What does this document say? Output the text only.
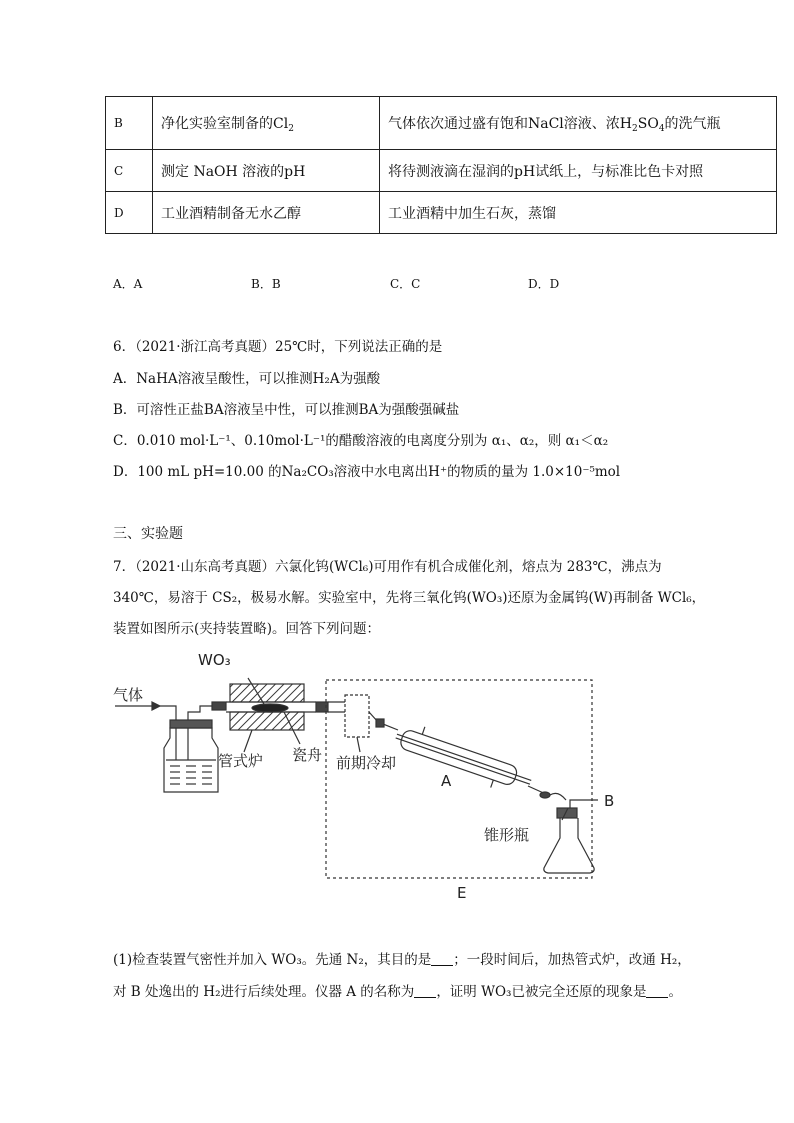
B	净化实验室制备的$Cl_2$	气体依次通过盛有饱和NaCl溶液、浓$H_2SO_4$的洗气瓶
C	测定 NaOH 溶液的pH	将待测液滴在湿润的pH试纸上，与标准比色卡对照
D	工业酒精制备无水乙醇	工业酒精中加生石灰，蒸馏
A．A	B．B	C．C	D．D
6．（2021·浙江高考真题）25℃时，下列说法正确的是
A．NaHA溶液呈酸性，可以推测H₂A为强酸
B．可溶性正盐BA溶液呈中性，可以推测BA为强酸强碱盐
C．0.010 mol·L⁻¹、0.10mol·L⁻¹的醋酸溶液的电离度分别为 α₁、α₂，则 α₁＜α₂
D．100 mL pH=10.00 的Na₂CO₃溶液中水电离出H⁺的物质的量为 1.0×10⁻⁵mol
三、实验题
7．（2021·山东高考真题）六氯化钨(WCl₆)可用作有机合成催化剂，熔点为 283℃，沸点为
340℃，易溶于 CS₂，极易水解。实验室中，先将三氧化钨(WO₃)还原为金属钨(W)再制备 WCl₆，
装置如图所示(夹持装置略)。回答下列问题：
气体
WO₃
管式炉 瓷舟 前期冷却
A
B
锥形瓶
E
(1)检查装置气密性并加入 WO₃。先通 N₂，其目的是 ；一段时间后，加热管式炉，改通 H₂，
对 B 处逸出的 H₂进行后续处理。仪器 A 的名称为 ，证明 WO₃已被完全还原的现象是 。
